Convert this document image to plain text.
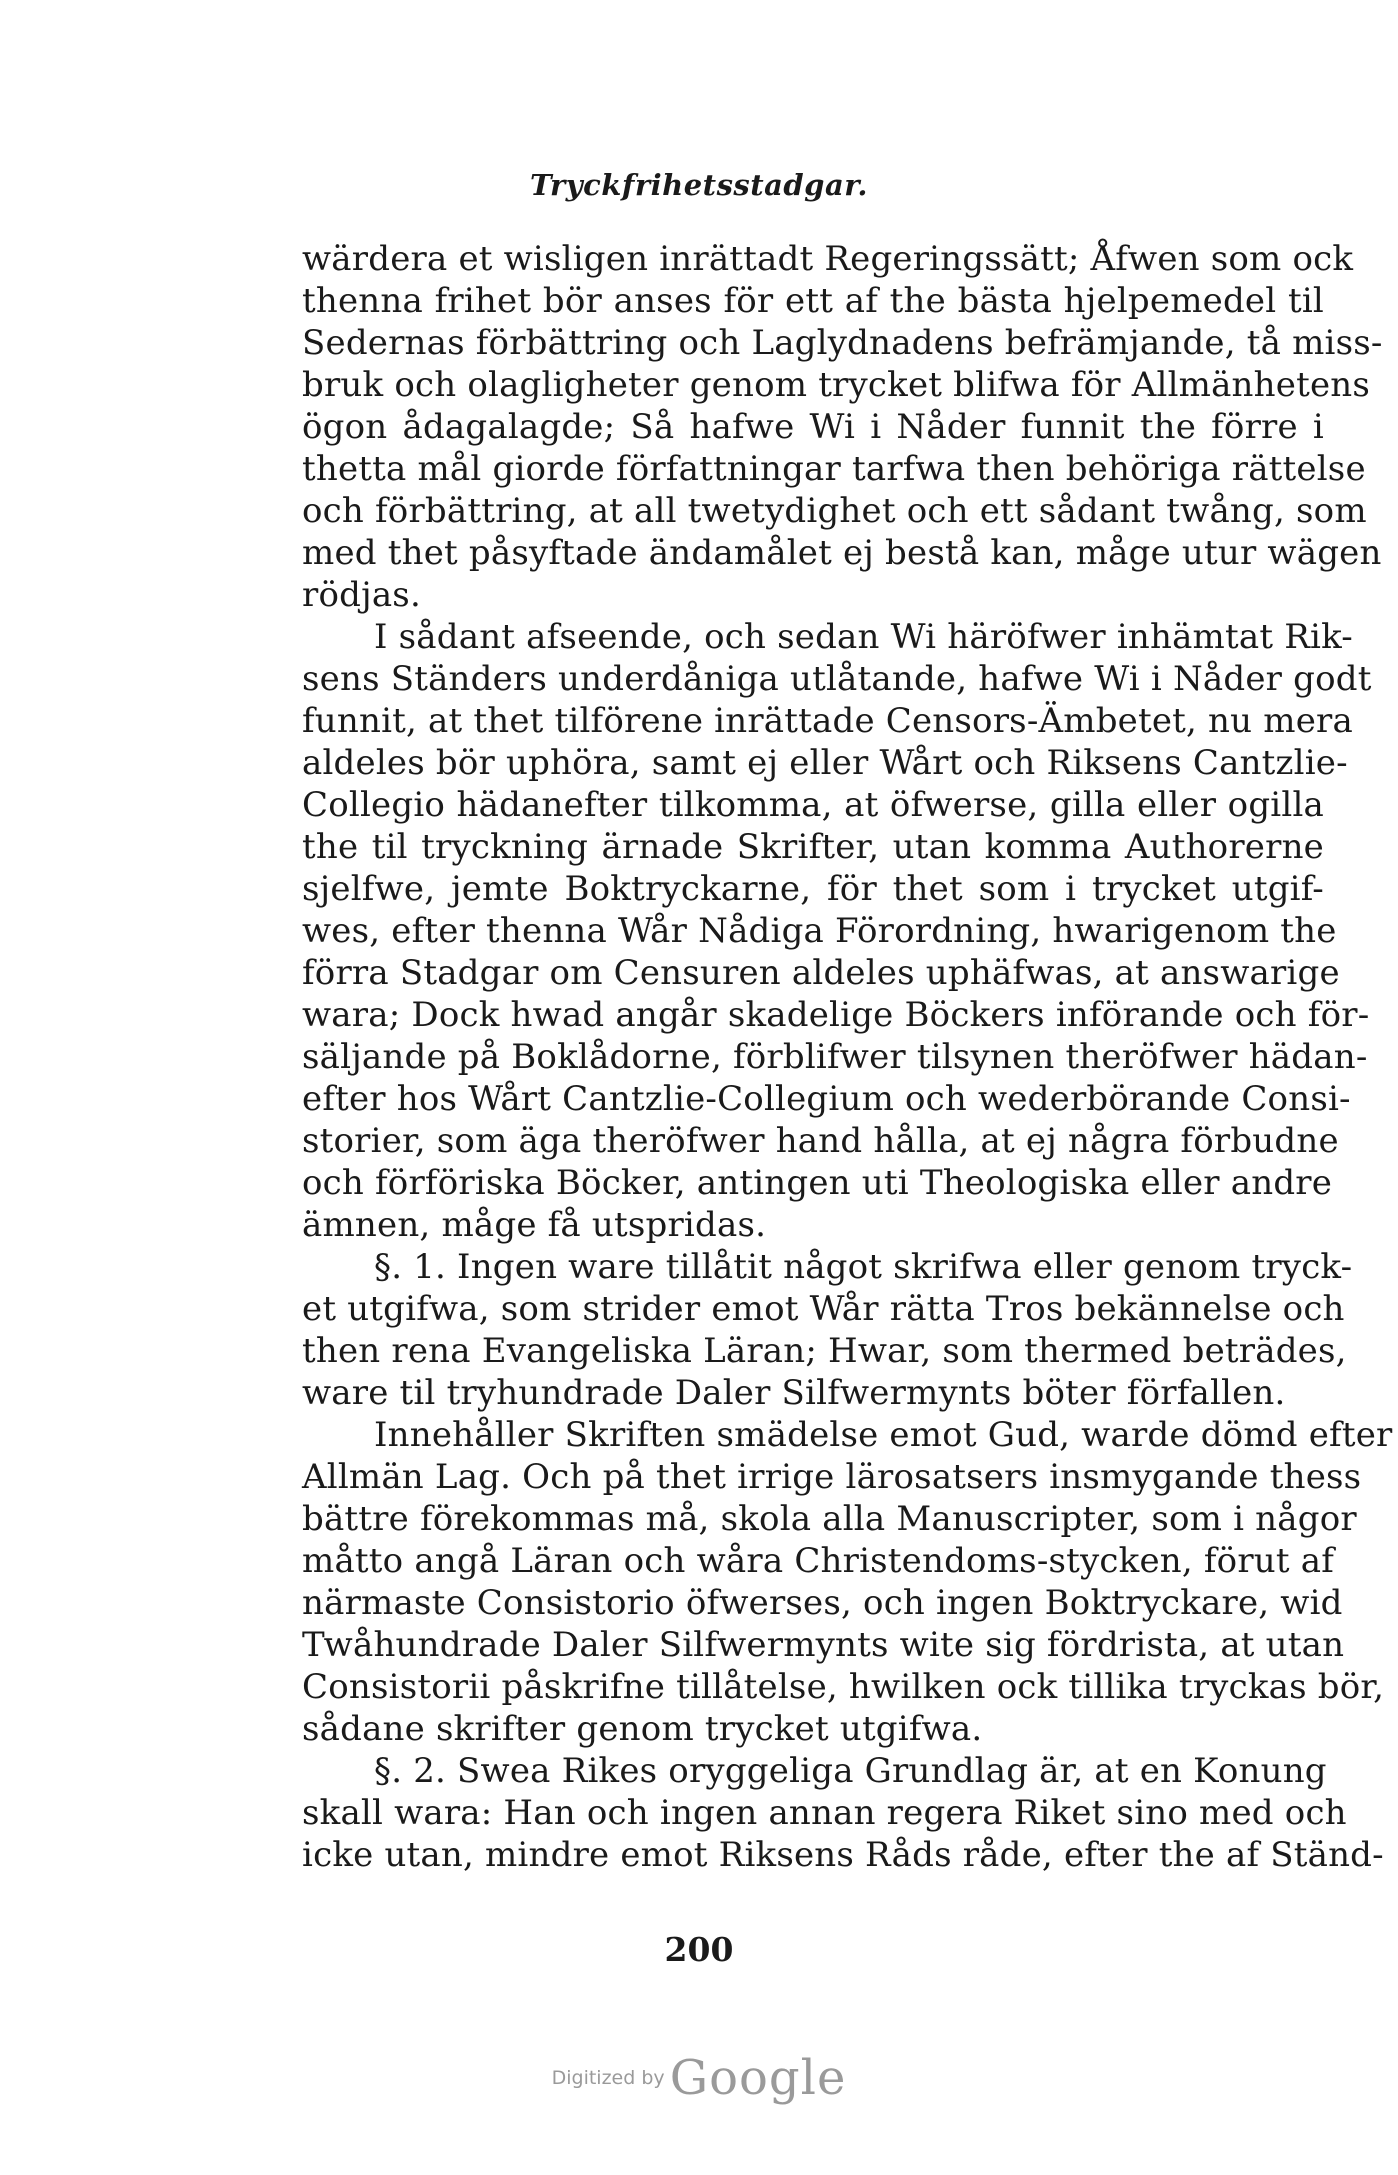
Tryckfrihetsstadgar.
wärdera et wisligen inrättadt Regeringssätt; Åfwen som ock
thenna frihet bör anses för ett af the bästa hjelpemedel til
Sedernas förbättring och Laglydnadens befrämjande, tå miss-
bruk och olagligheter genom trycket blifwa för Allmänhetens
ögon ådagalagde; Så hafwe Wi i Nåder funnit the förre i
thetta mål giorde författningar tarfwa then behöriga rättelse
och förbättring, at all twetydighet och ett sådant twång, som
med thet påsyftade ändamålet ej bestå kan, måge utur wägen
rödjas.
I sådant afseende, och sedan Wi häröfwer inhämtat Rik-
sens Ständers underdåniga utlåtande, hafwe Wi i Nåder godt
funnit, at thet tilförene inrättade Censors-Ämbetet, nu mera
aldeles bör uphöra, samt ej eller Wårt och Riksens Cantzlie-
Collegio hädanefter tilkomma, at öfwerse, gilla eller ogilla
the til tryckning ärnade Skrifter, utan komma Authorerne
sjelfwe, jemte Boktryckarne, för thet som i trycket utgif-
wes, efter thenna Wår Nådiga Förordning, hwarigenom the
förra Stadgar om Censuren aldeles uphäfwas, at answarige
wara; Dock hwad angår skadelige Böckers införande och för-
säljande på Boklådorne, förblifwer tilsynen theröfwer hädan-
efter hos Wårt Cantzlie-Collegium och wederbörande Consi-
storier, som äga theröfwer hand hålla, at ej några förbudne
och förföriska Böcker, antingen uti Theologiska eller andre
ämnen, måge få utspridas.
§. 1. Ingen ware tillåtit något skrifwa eller genom tryck-
et utgifwa, som strider emot Wår rätta Tros bekännelse och
then rena Evangeliska Läran; Hwar, som thermed beträdes,
ware til tryhundrade Daler Silfwermynts böter förfallen.
Innehåller Skriften smädelse emot Gud, warde dömd efter
Allmän Lag. Och på thet irrige lärosatsers insmygande thess
bättre förekommas må, skola alla Manuscripter, som i någor
måtto angå Läran och wåra Christendoms-stycken, förut af
närmaste Consistorio öfwerses, och ingen Boktryckare, wid
Twåhundrade Daler Silfwermynts wite sig fördrista, at utan
Consistorii påskrifne tillåtelse, hwilken ock tillika tryckas bör,
sådane skrifter genom trycket utgifwa.
§. 2. Swea Rikes oryggeliga Grundlag är, at en Konung
skall wara: Han och ingen annan regera Riket sino med och
icke utan, mindre emot Riksens Råds råde, efter the af Ständ-
200
Digitized by Google
